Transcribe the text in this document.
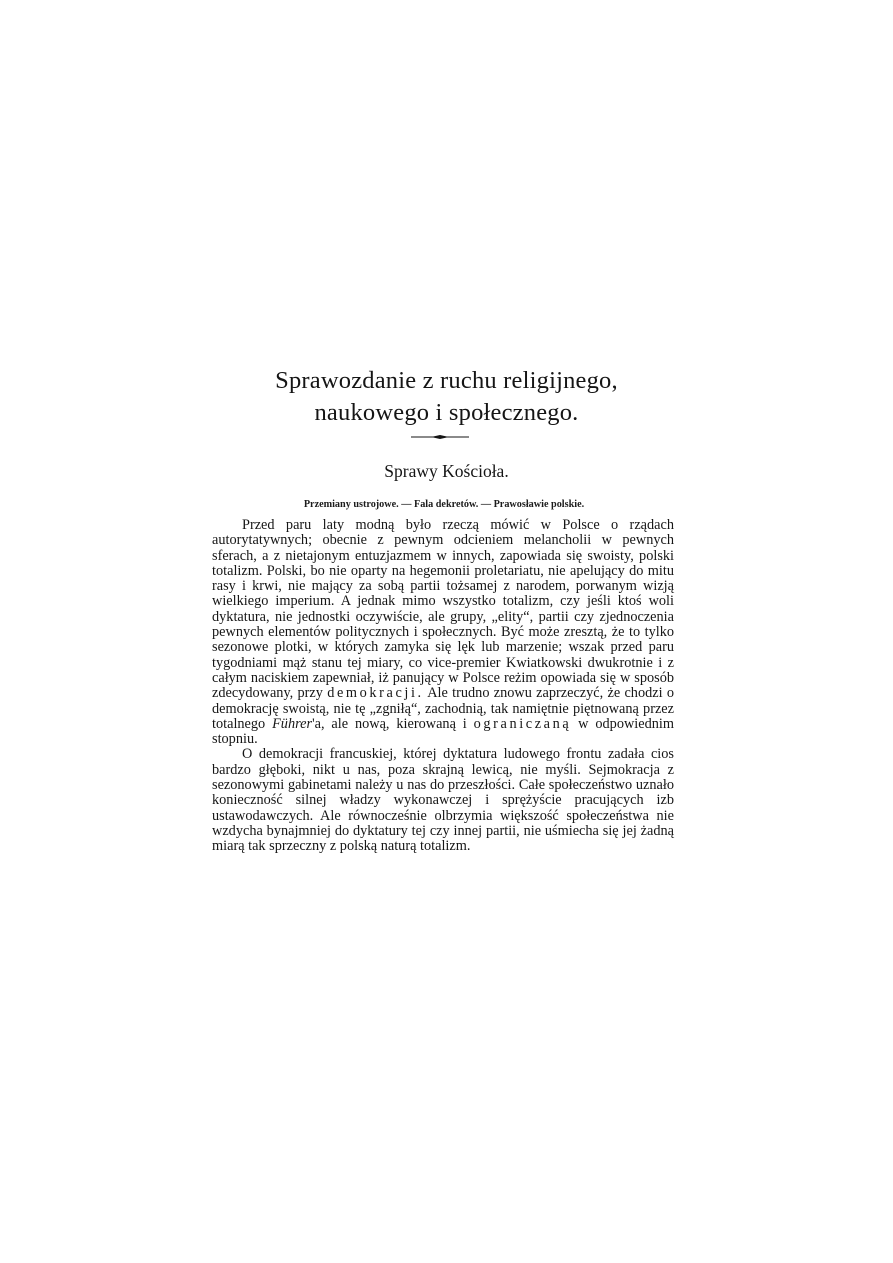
Sprawozdanie z ruchu religijnego,
naukowego i społecznego.
Sprawy Kościoła.
Przemiany ustrojowe. — Fala dekretów. — Prawosławie polskie.

Przed paru laty modną było rzeczą mówić w Polsce o rządach autorytatywnych; obecnie z pewnym odcieniem melancholii w pewnych sferach, a z nietajonym entuzjazmem w innych, zapowiada się swoisty, polski totalizm. Polski, bo nie oparty na hegemonii proletariatu, nie apelujący do mitu rasy i krwi, nie mający za sobą partii tożsamej z narodem, porwanym wizją wielkiego imperium. A jednak mimo wszystko totalizm, czy jeśli ktoś woli dyktatura, nie jednostki oczywiście, ale grupy, „elity“, partii czy zjednoczenia pewnych elementów politycznych i społecznych. Być może zresztą, że to tylko sezonowe plotki, w których zamyka się lęk lub marzenie; wszak przed paru tygodniami mąż stanu tej miary, co vice-premier Kwiatkowski dwukrotnie i z całym naciskiem zapewniał, iż panujący w Polsce reżim opowiada się w sposób zdecydowany, przy demokracji. Ale trudno znowu zaprzeczyć, że chodzi o demokrację swoistą, nie tę „zgniłą“, zachodnią, tak namiętnie piętnowaną przez totalnego Führer'a, ale nową, kierowaną i ograniczaną w odpowiednim stopniu.

O demokracji francuskiej, której dyktatura ludowego frontu zadała cios bardzo głęboki, nikt u nas, poza skrajną lewicą, nie myśli. Sejmokracja z sezonowymi gabinetami należy u nas do przeszłości. Całe społeczeństwo uznało konieczność silnej władzy wykonawczej i sprężyście pracujących izb ustawodawczych. Ale równocześnie olbrzymia większość społeczeństwa nie wzdycha bynajmniej do dyktatury tej czy innej partii, nie uśmiecha się jej żadną miarą tak sprzeczny z polską naturą totalizm.
